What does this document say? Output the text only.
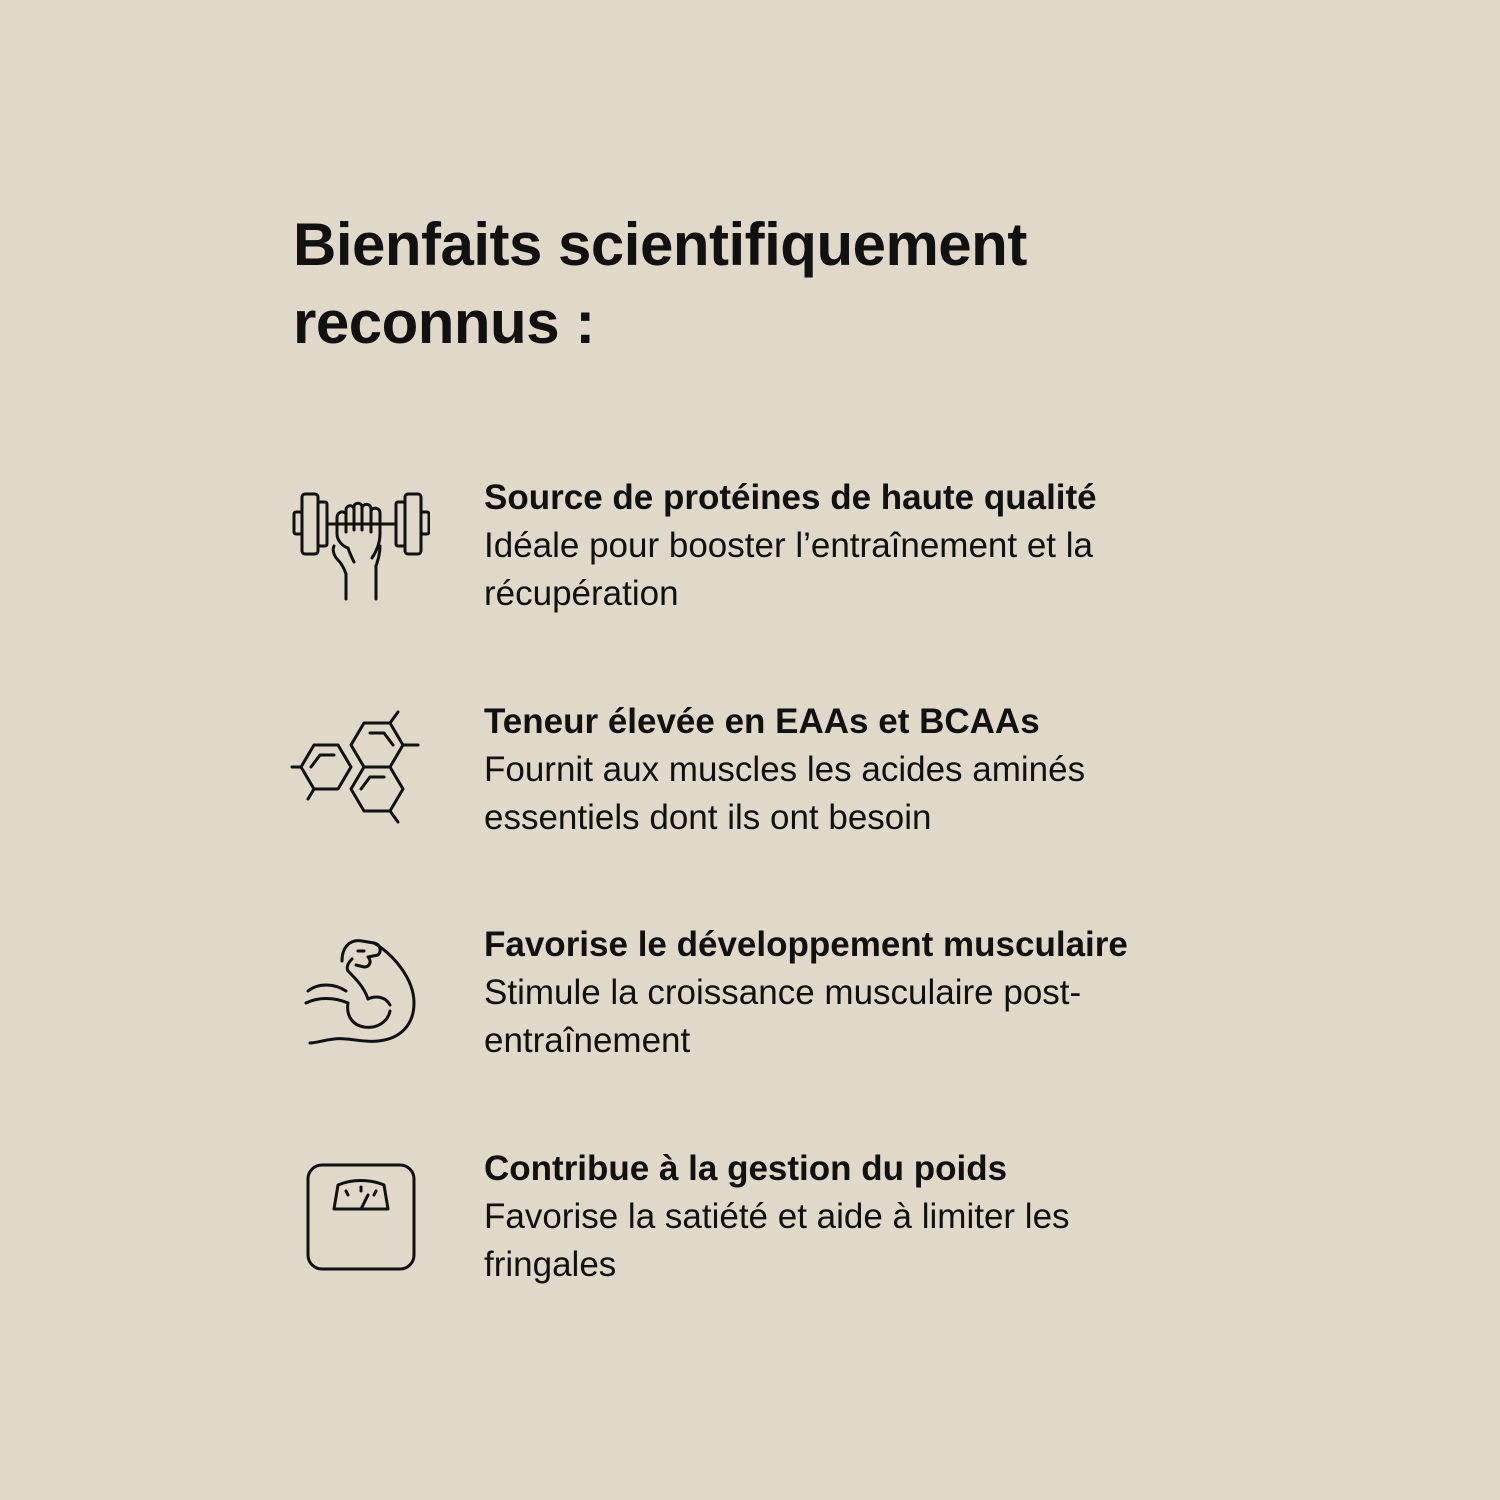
Bienfaits scientifiquement reconnus :
Source de protéines de haute qualité
Idéale pour booster l’entraînement et la récupération
Teneur élevée en EAAs et BCAAs
Fournit aux muscles les acides aminés essentiels dont ils ont besoin
Favorise le développement musculaire
Stimule la croissance musculaire post-entraînement
Contribue à la gestion du poids
Favorise la satiété et aide à limiter les fringales
